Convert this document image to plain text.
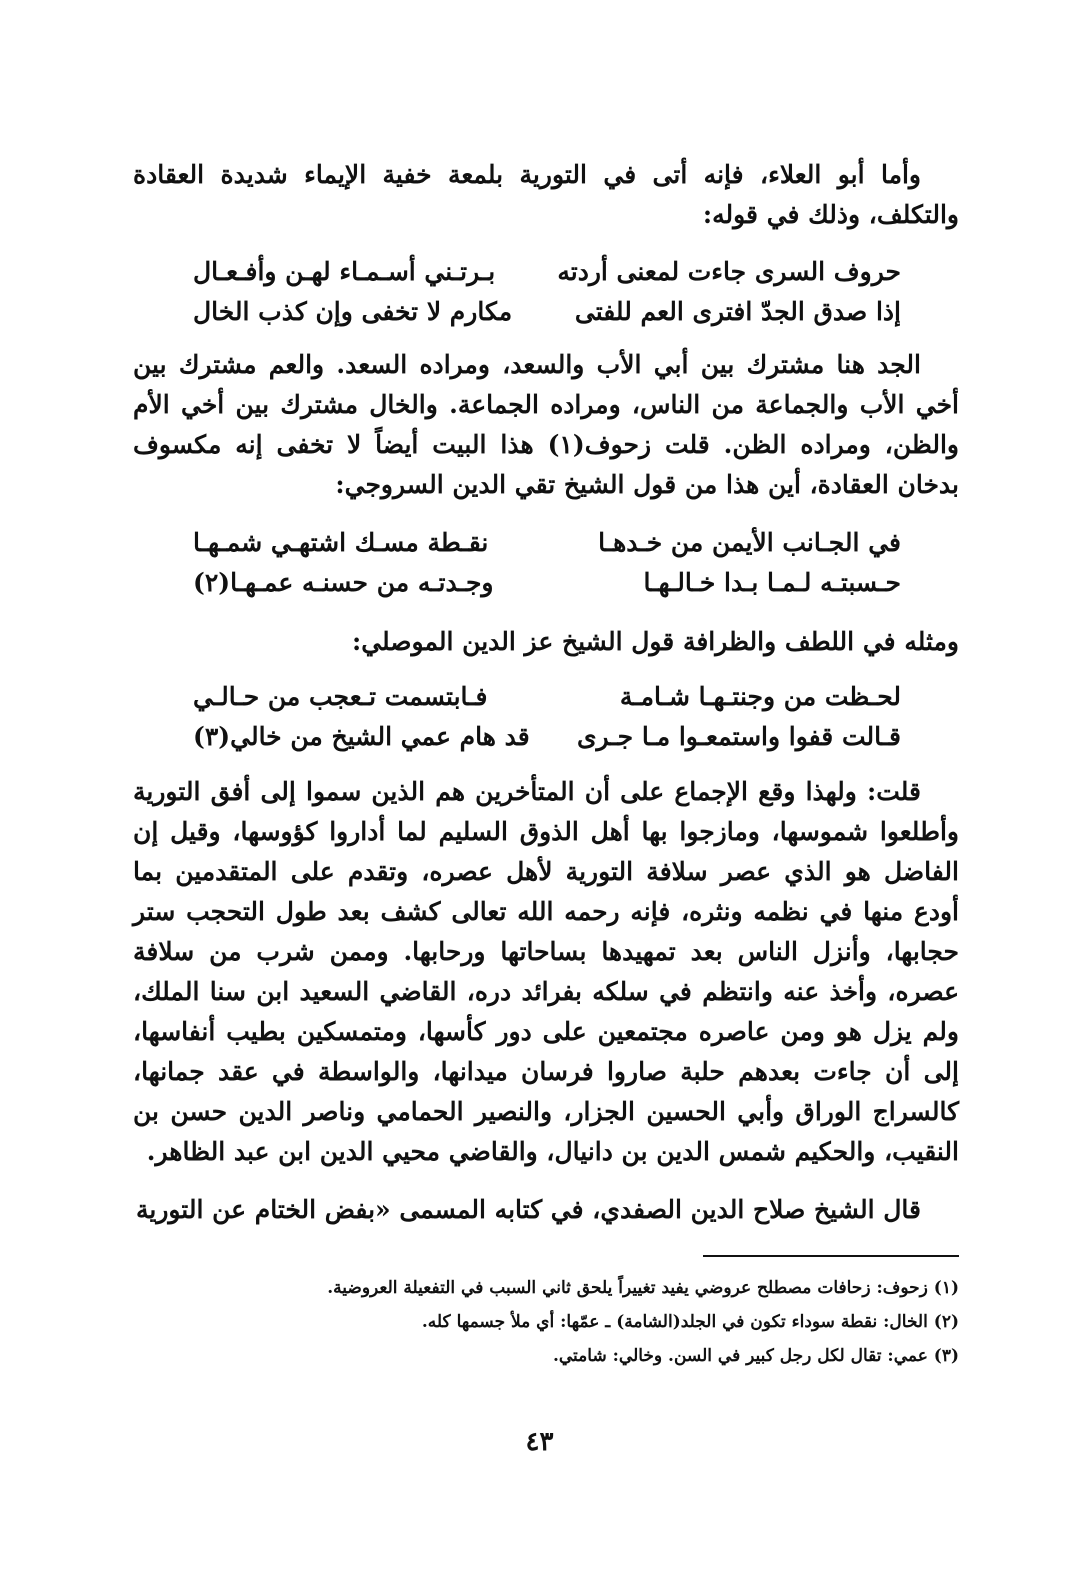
وأما أبو العلاء، فإنه أتى في التورية بلمعة خفية الإيماء شديدة العقادة والتكلف، وذلك في قوله:

حروف السرى جاءت لمعنى أردته
بـرتـني أسـمـاء لهـن وأفـعـال
إذا صدق الجدّ افترى العم للفتى
مكارم لا تخفى وإن كذب الخال

الجد هنا مشترك بين أبي الأب والسعد، ومراده السعد. والعم مشترك بين أخي الأب والجماعة من الناس، ومراده الجماعة. والخال مشترك بين أخي الأم والظن، ومراده الظن. قلت زحوف(١) هذا البيت أيضاً لا تخفى إنه مكسوف بدخان العقادة، أين هذا من قول الشيخ تقي الدين السروجي:

في الجـانب الأيمن من خـدهـا
نقـطة مسـك اشتهـي شمـهـا
حـسبتـه لـمـا بـدا خـالـهـا
وجـدتـه من حسنـه عمـهـا(٢)

ومثله في اللطف والظرافة قول الشيخ عز الدين الموصلي:

لحـظت من وجنتـهـا شـامـة
فـابتسمت تـعجب من حـالـي
قـالت قفوا واستمعـوا مـا جـرى
قد هام عمي الشيخ من خالي(٣)

قلت: ولهذا وقع الإجماع على أن المتأخرين هم الذين سموا إلى أفق التورية وأطلعوا شموسها، ومازجوا بها أهل الذوق السليم لما أداروا كؤوسها، وقيل إن الفاضل هو الذي عصر سلافة التورية لأهل عصره، وتقدم على المتقدمين بما أودع منها في نظمه ونثره، فإنه رحمه الله تعالى كشف بعد طول التحجب ستر حجابها، وأنزل الناس بعد تمهيدها بساحاتها ورحابها. وممن شرب من سلافة عصره، وأخذ عنه وانتظم في سلكه بفرائد دره، القاضي السعيد ابن سنا الملك، ولم يزل هو ومن عاصره مجتمعين على دور كأسها، ومتمسكين بطيب أنفاسها، إلى أن جاءت بعدهم حلبة صاروا فرسان ميدانها، والواسطة في عقد جمانها، كالسراج الوراق وأبي الحسين الجزار، والنصير الحمامي وناصر الدين حسن بن النقيب، والحكيم شمس الدين بن دانيال، والقاضي محيي الدين ابن عبد الظاهر.

قال الشيخ صلاح الدين الصفدي، في كتابه المسمى «بفض الختام عن التورية

(١) زحوف: زحافات مصطلح عروضي يفيد تغييراً يلحق ثاني السبب في التفعيلة العروضية.

(٢) الخال: نقطة سوداء تكون في الجلد(الشامة) ـ عمّها: أي ملأ جسمها كله.

(٣) عمي: تقال لكل رجل كبير في السن. وخالي: شامتي.

٤٣
